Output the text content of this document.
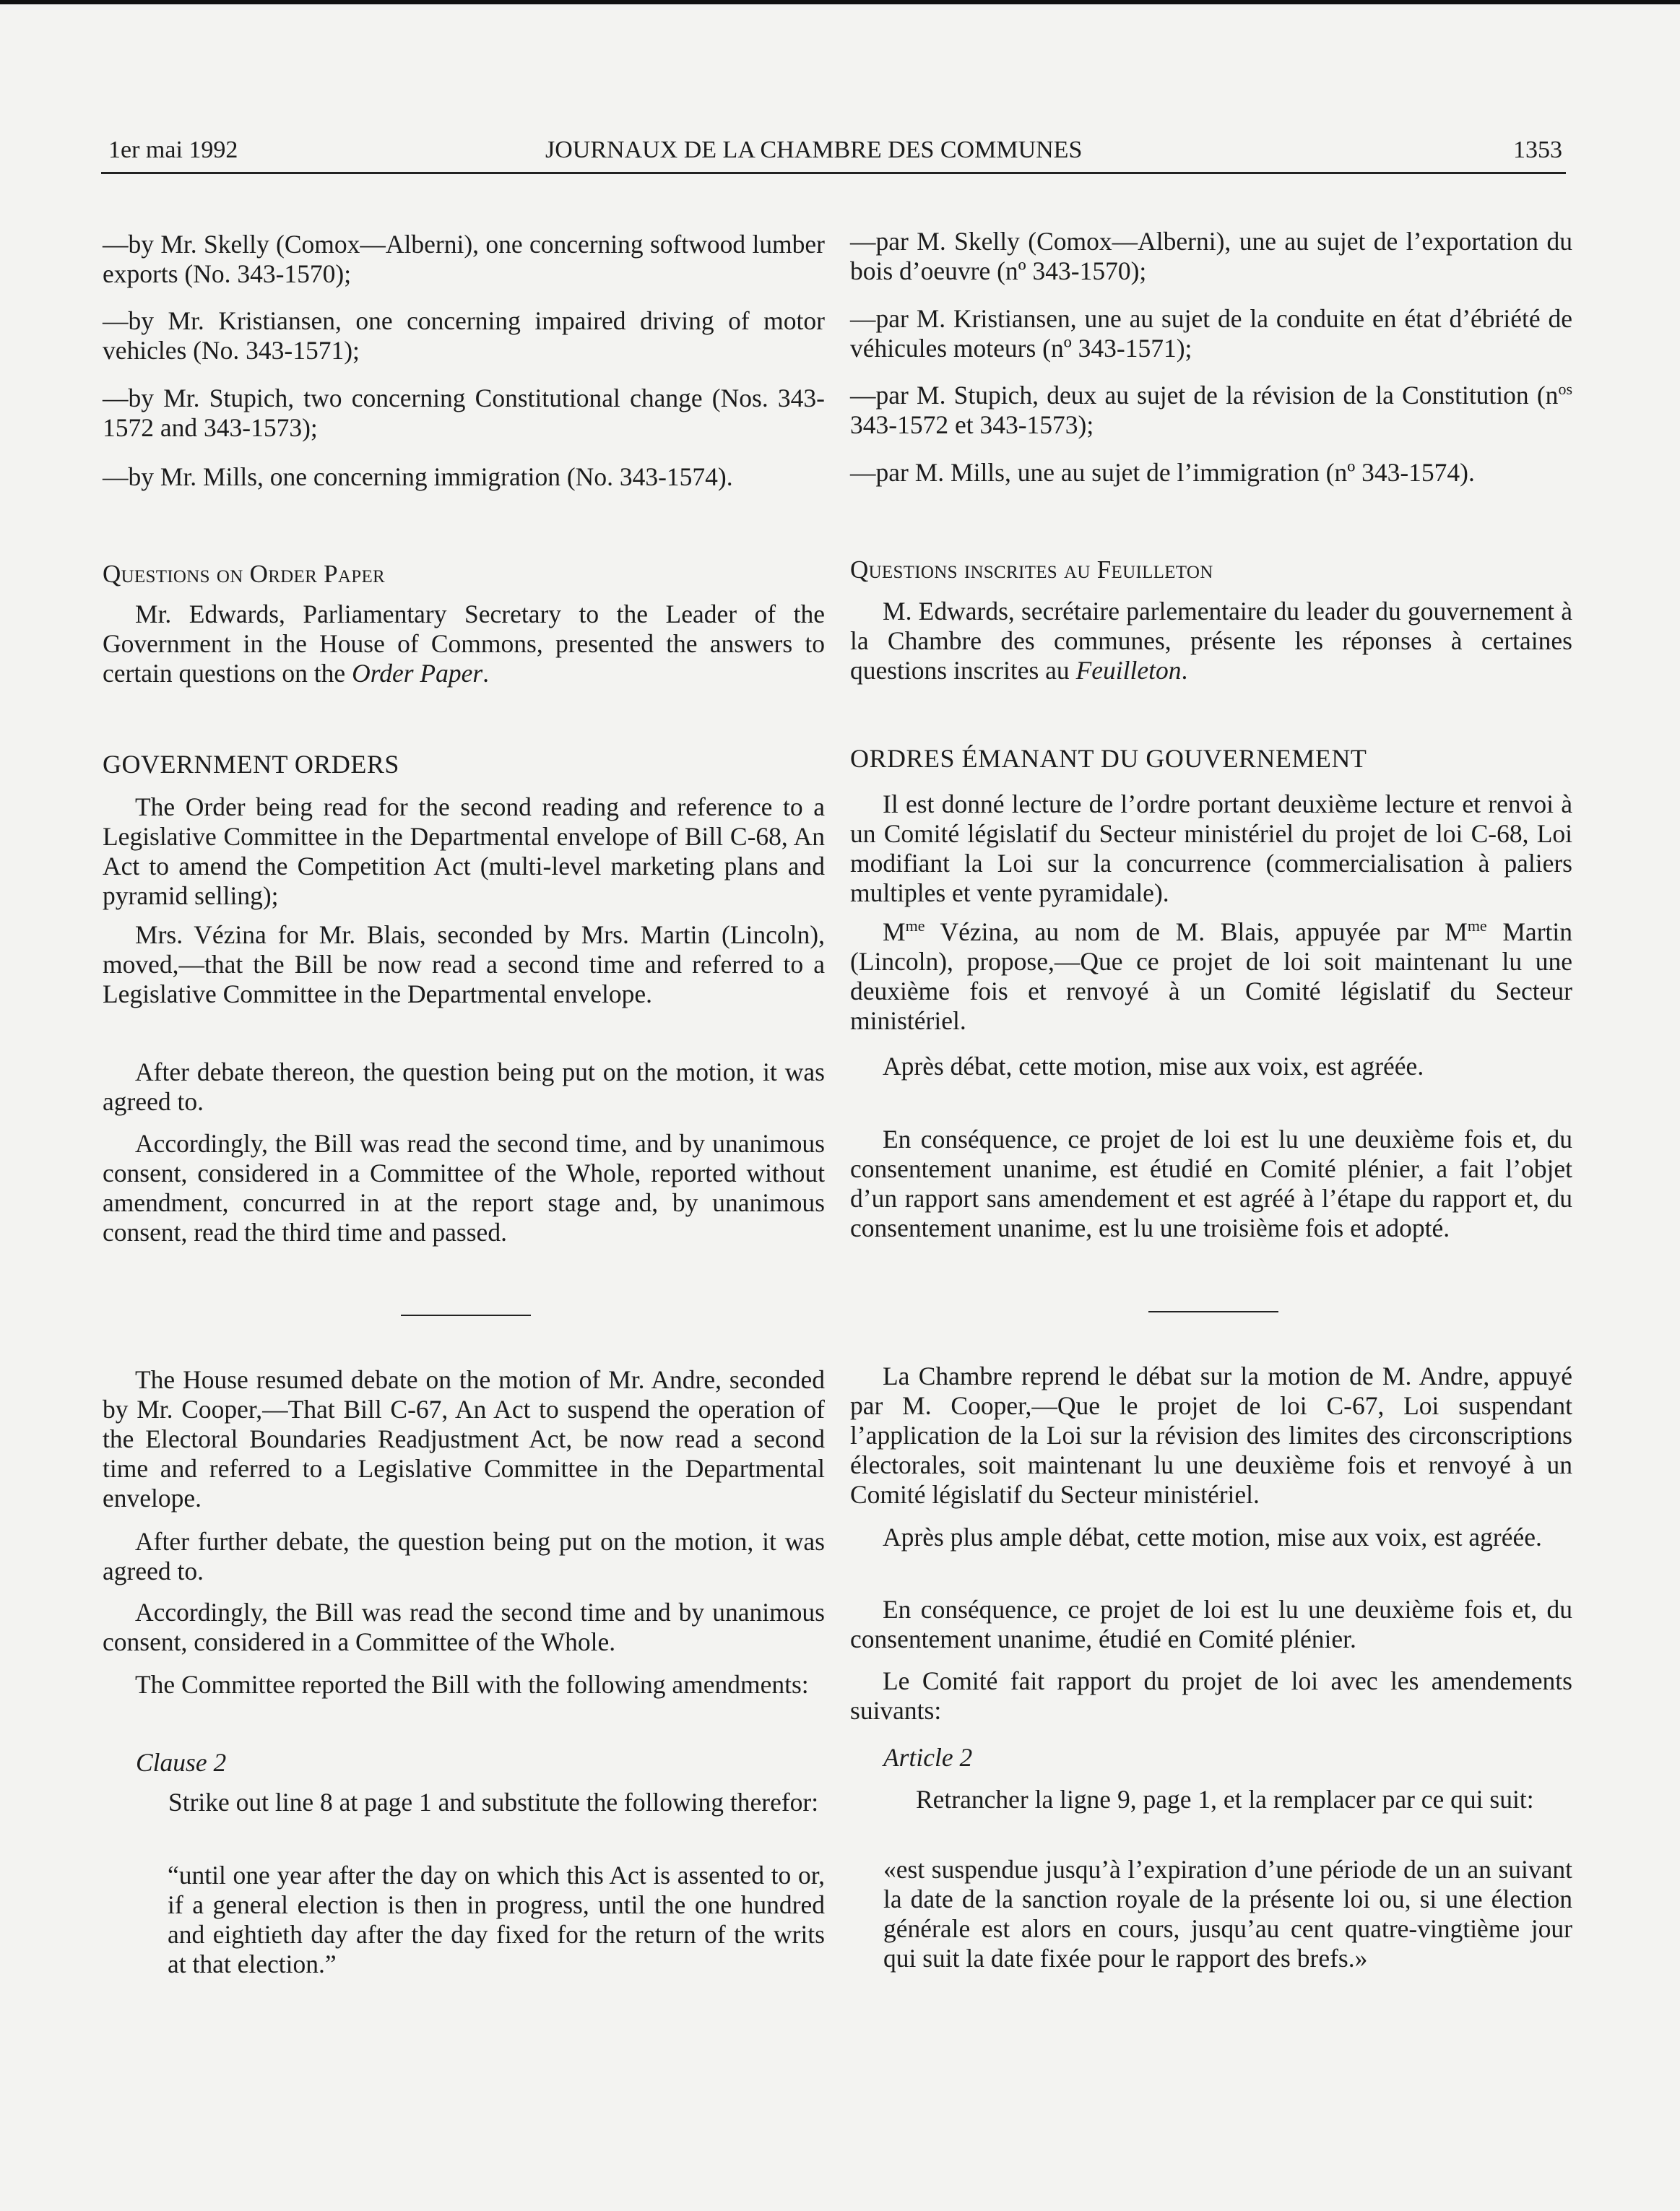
1er mai 1992	JOURNAUX DE LA CHAMBRE DES COMMUNES	1353

—by Mr. Skelly (Comox—Alberni), one concerning softwood lumber exports (No. 343-1570);

—by Mr. Kristiansen, one concerning impaired driving of motor vehicles (No. 343-1571);

—by Mr. Stupich, two concerning Constitutional change (Nos. 343-1572 and 343-1573);

—by Mr. Mills, one concerning immigration (No. 343-1574).

Questions on Order Paper

Mr. Edwards, Parliamentary Secretary to the Leader of the Government in the House of Commons, presented the answers to certain questions on the Order Paper.

GOVERNMENT ORDERS

The Order being read for the second reading and reference to a Legislative Committee in the Departmental envelope of Bill C-68, An Act to amend the Competition Act (multi-level marketing plans and pyramid selling);

Mrs. Vézina for Mr. Blais, seconded by Mrs. Martin (Lincoln), moved,—that the Bill be now read a second time and referred to a Legislative Committee in the Departmental envelope.

After debate thereon, the question being put on the motion, it was agreed to.

Accordingly, the Bill was read the second time, and by unanimous consent, considered in a Committee of the Whole, reported without amendment, concurred in at the report stage and, by unanimous consent, read the third time and passed.

The House resumed debate on the motion of Mr. Andre, seconded by Mr. Cooper,—That Bill C-67, An Act to suspend the operation of the Electoral Boundaries Readjustment Act, be now read a second time and referred to a Legislative Committee in the Departmental envelope.

After further debate, the question being put on the motion, it was agreed to.

Accordingly, the Bill was read the second time and by unanimous consent, considered in a Committee of the Whole.

The Committee reported the Bill with the following amendments:

Clause 2

Strike out line 8 at page 1 and substitute the following therefor:

“until one year after the day on which this Act is assented to or, if a general election is then in progress, until the one hundred and eightieth day after the day fixed for the return of the writs at that election.”

—par M. Skelly (Comox—Alberni), une au sujet de l’exportation du bois d’oeuvre (nº 343-1570);

—par M. Kristiansen, une au sujet de la conduite en état d’ébriété de véhicules moteurs (nº 343-1571);

—par M. Stupich, deux au sujet de la révision de la Constitution ($n^{os}$ 343-1572 et 343-1573);

—par M. Mills, une au sujet de l’immigration (nº 343-1574).

Questions inscrites au Feuilleton

M. Edwards, secrétaire parlementaire du leader du gouvernement à la Chambre des communes, présente les réponses à certaines questions inscrites au Feuilleton.

ORDRES ÉMANANT DU GOUVERNEMENT

Il est donné lecture de l’ordre portant deuxième lecture et renvoi à un Comité législatif du Secteur ministériel du projet de loi C-68, Loi modifiant la Loi sur la concurrence (commercialisation à paliers multiples et vente pyramidale).

$M^{me}$ Vézina, au nom de M. Blais, appuyée par $M^{me}$ Martin (Lincoln), propose,—Que ce projet de loi soit maintenant lu une deuxième fois et renvoyé à un Comité législatif du Secteur ministériel.

Après débat, cette motion, mise aux voix, est agréée.

En conséquence, ce projet de loi est lu une deuxième fois et, du consentement unanime, est étudié en Comité plénier, a fait l’objet d’un rapport sans amendement et est agréé à l’étape du rapport et, du consentement unanime, est lu une troisième fois et adopté.

La Chambre reprend le débat sur la motion de M. Andre, appuyé par M. Cooper,—Que le projet de loi C-67, Loi suspendant l’application de la Loi sur la révision des limites des circonscriptions électorales, soit maintenant lu une deuxième fois et renvoyé à un Comité législatif du Secteur ministériel.

Après plus ample débat, cette motion, mise aux voix, est agréée.

En conséquence, ce projet de loi est lu une deuxième fois et, du consentement unanime, étudié en Comité plénier.

Le Comité fait rapport du projet de loi avec les amendements suivants:

Article 2

Retrancher la ligne 9, page 1, et la remplacer par ce qui suit:

«est suspendue jusqu’à l’expiration d’une période de un an suivant la date de la sanction royale de la présente loi ou, si une élection générale est alors en cours, jusqu’au cent quatre-vingtième jour qui suit la date fixée pour le rapport des brefs.»
